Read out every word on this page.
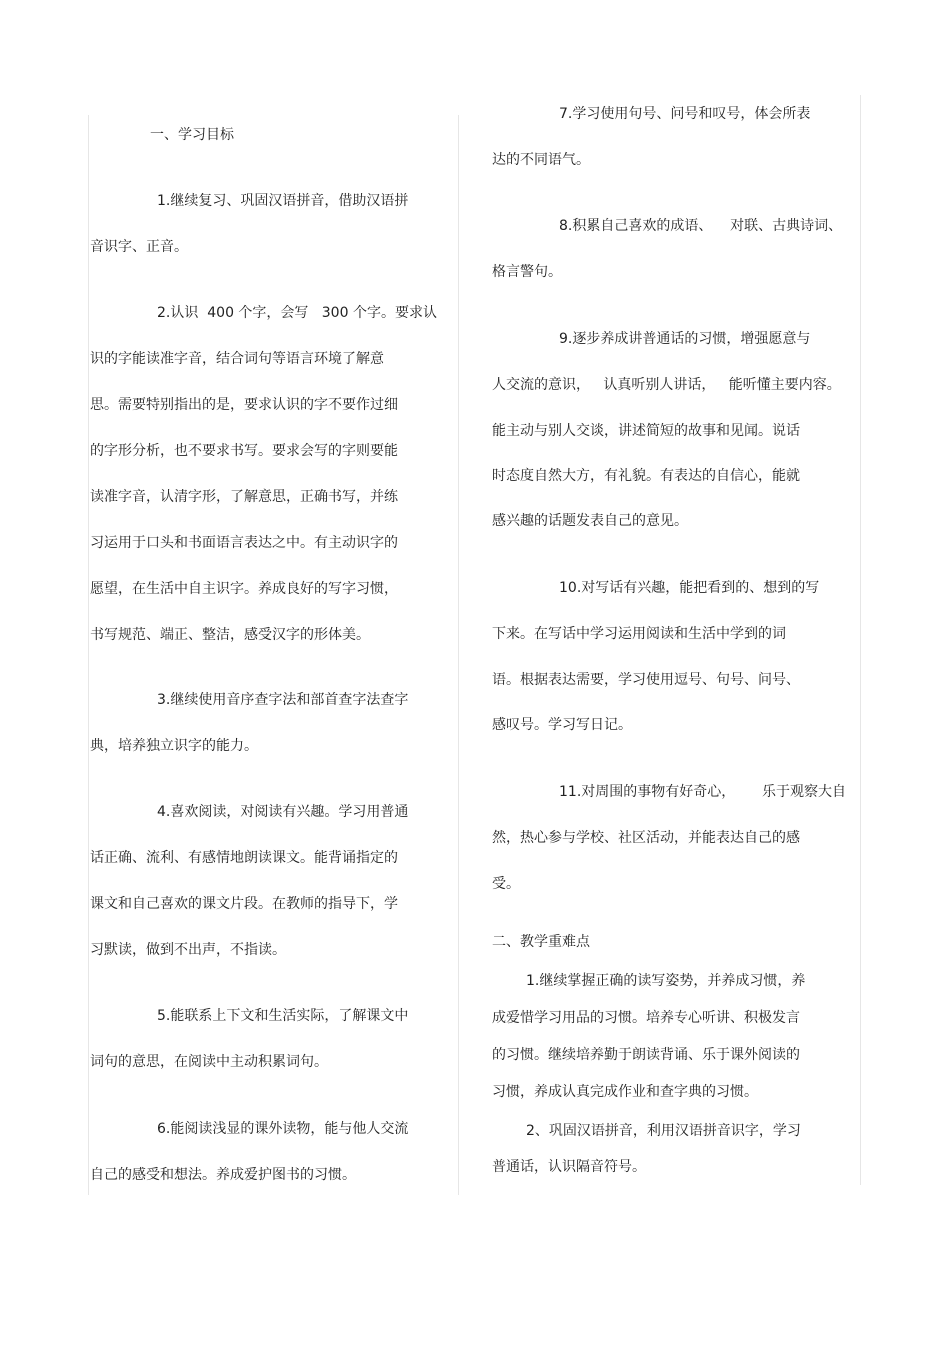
一、学习目标
1.继续复习、巩固汉语拼音，借助汉语拼
音识字、正音。
2.认识  400 个字，会写   300 个字。要求认
识的字能读准字音，结合词句等语言环境了解意
思。需要特别指出的是，要求认识的字不要作过细
的字形分析，也不要求书写。要求会写的字则要能
读准字音，认清字形，了解意思，正确书写，并练
习运用于口头和书面语言表达之中。有主动识字的
愿望，在生活中自主识字。养成良好的写字习惯，
书写规范、端正、整洁，感受汉字的形体美。
3.继续使用音序查字法和部首查字法查字
典，培养独立识字的能力。
4.喜欢阅读，对阅读有兴趣。学习用普通
话正确、流利、有感情地朗读课文。能背诵指定的
课文和自己喜欢的课文片段。在教师的指导下，学
习默读，做到不出声，不指读。
5.能联系上下文和生活实际，了解课文中
词句的意思，在阅读中主动积累词句。
6.能阅读浅显的课外读物，能与他人交流
自己的感受和想法。养成爱护图书的习惯。
7.学习使用句号、问号和叹号，体会所表
达的不同语气。
8.积累自己喜欢的成语、    对联、古典诗词、
格言警句。
9.逐步养成讲普通话的习惯，增强愿意与
人交流的意识，   认真听别人讲话，   能听懂主要内容。
能主动与别人交谈，讲述简短的故事和见闻。说话
时态度自然大方，有礼貌。有表达的自信心，能就
感兴趣的话题发表自己的意见。
10.对写话有兴趣，能把看到的、想到的写
下来。在写话中学习运用阅读和生活中学到的词
语。根据表达需要，学习使用逗号、句号、问号、
感叹号。学习写日记。
11.对周围的事物有好奇心，      乐于观察大自
然，热心参与学校、社区活动，并能表达自己的感
受。
二、教学重难点
1.继续掌握正确的读写姿势，并养成习惯，养
成爱惜学习用品的习惯。培养专心听讲、积极发言
的习惯。继续培养勤于朗读背诵、乐于课外阅读的
习惯，养成认真完成作业和查字典的习惯。
2、巩固汉语拼音，利用汉语拼音识字，学习
普通话，认识隔音符号。
